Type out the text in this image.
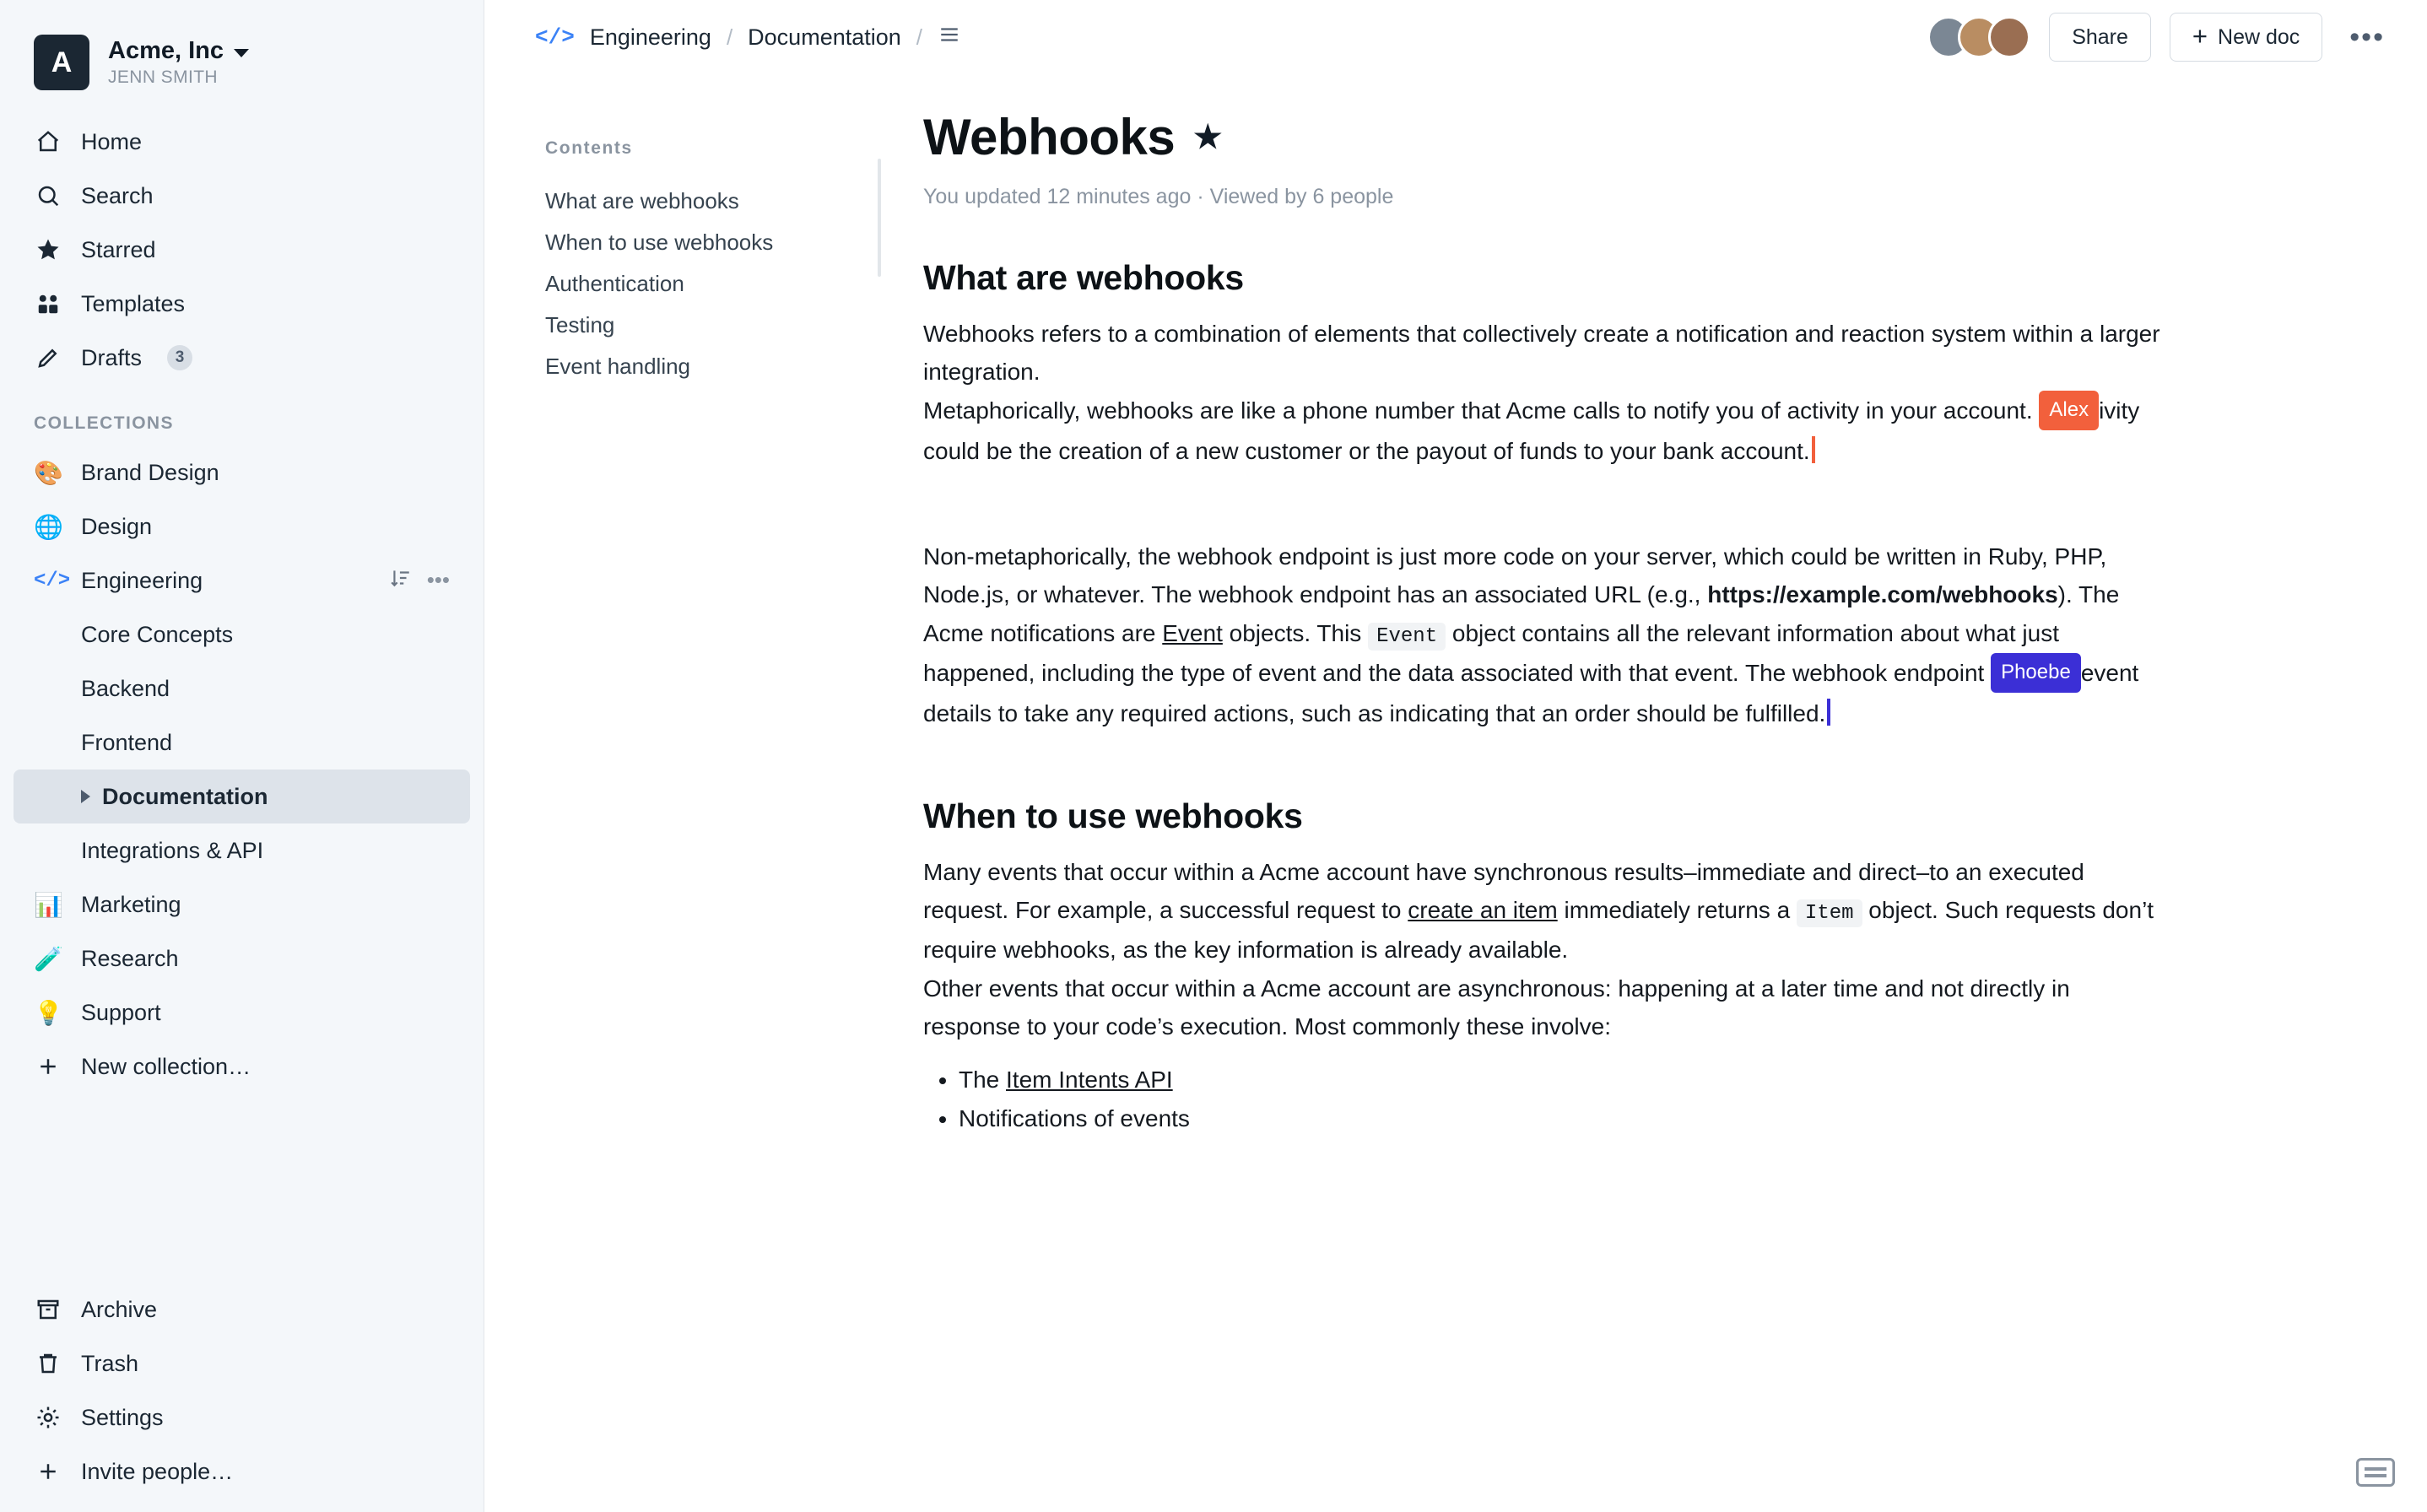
A	Acme, Inc
JENN SMITH
Home
Search
Starred
Templates
Drafts	3
COLLECTIONS
🎨 Brand Design
🌐 Design
</> Engineering	•••
Core Concepts
Backend
Frontend
Documentation
Integrations & API
📊 Marketing
🧪 Research
💡 Support
New collection…
Archive
Trash
Settings
Invite people…
</> Engineering / Documentation /	Share + New doc •••
Contents
What are webhooks
When to use webhooks
Authentication
Testing
Event handling
Webhooks ★
You updated 12 minutes ago · Viewed by 6 people
What are webhooks

Webhooks refers to a combination of elements that collectively create a notification and reaction system within a larger integration.

Metaphorically, webhooks are like a phone number that Acme calls to notify you of activity in your account. Alex ivity could be the creation of a new customer or the payout of funds to your bank account.

Non-metaphorically, the webhook endpoint is just more code on your server, which could be written in Ruby, PHP, Node.js, or whatever. The webhook endpoint has an associated URL (e.g., https://example.com/webhooks). The Acme notifications are Event objects. This Event object contains all the relevant information about what just happened, including the type of event and the data associated with that event. The webhook endpoint Phoebe event details to take any required actions, such as indicating that an order should be fulfilled.

When to use webhooks

Many events that occur within a Acme account have synchronous results–immediate and direct–to an executed request. For example, a successful request to create an item immediately returns a Item object. Such requests don’t require webhooks, as the key information is already available.

Other events that occur within a Acme account are asynchronous: happening at a later time and not directly in response to your code’s execution. Most commonly these involve:

• The Item Intents API
• Notifications of events
